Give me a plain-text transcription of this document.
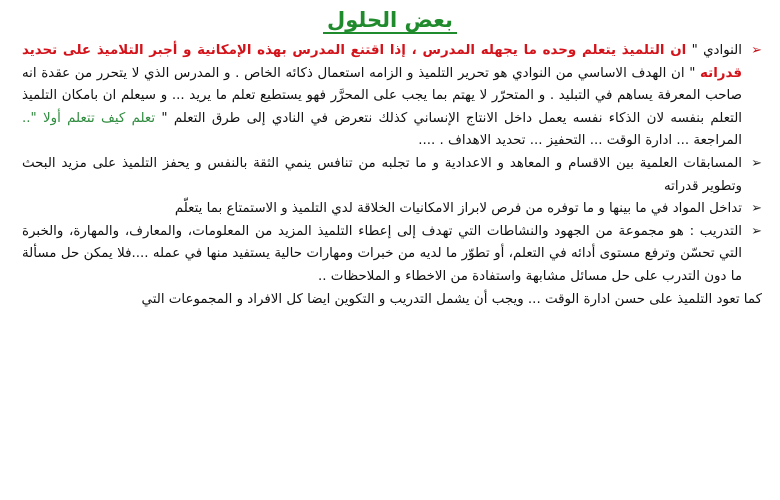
بعض الحلول
➢
النوادي " ان التلميذ يتعلم وحده ما يجهله المدرس ، إذا اقتنع المدرس بهذه الإمكانية و أجبر التلاميذ على تحديد قدراته " ان الهدف الاساسي من النوادي هو تحرير التلميذ و الزامه استعمال ذكائه الخاص . و المدرس الذي لا يتحرر من عقدة انه صاحب المعرفة يساهم في التبليد . و المتحرّر لا يهتم بما يجب على المحرَّر فهو يستطيع تعلم ما يريد ... و سيعلم ان بامكان التلميذ التعلم بنفسه لان الذكاء نفسه يعمل داخل الانتاج الإنساني كذلك نتعرض في النادي إلى طرق التعلم " تعلم كيف تتعلم أولا ".. المراجعة ... ادارة الوقت ... التحفيز ... تحديد الاهداف . ....
➢
المسابقات العلمية بين الاقسام و المعاهد و الاعدادية و ما تجلبه من تنافس ينمي الثقة بالنفس و يحفز التلميذ على مزيد البحث وتطوير قدراته
➢
تداخل المواد في ما بينها و ما توفره من فرص لابراز الامكانيات الخلاقة لدي التلميذ و الاستمتاع بما يتعلّم
➢
التدريب : هو مجموعة من الجهود والنشاطات التي تهدف إلى إعطاء التلميذ المزيد من المعلومات، والمعارف، والمهارة، والخبرة التي تحسّن وترفع مستوى أدائه في التعلم، أو تطوّر ما لديه من خبرات ومهارات حالية يستفيد منها في عمله ....فلا يمكن حل مسألة ما دون التدرب على حل مسائل مشابهة واستفادة من الاخطاء و الملاحظات ..
كما تعود التلميذ على حسن ادارة الوقت ... ويجب أن يشمل التدريب و التكوين ايضا كل الافراد و المجموعات التي
